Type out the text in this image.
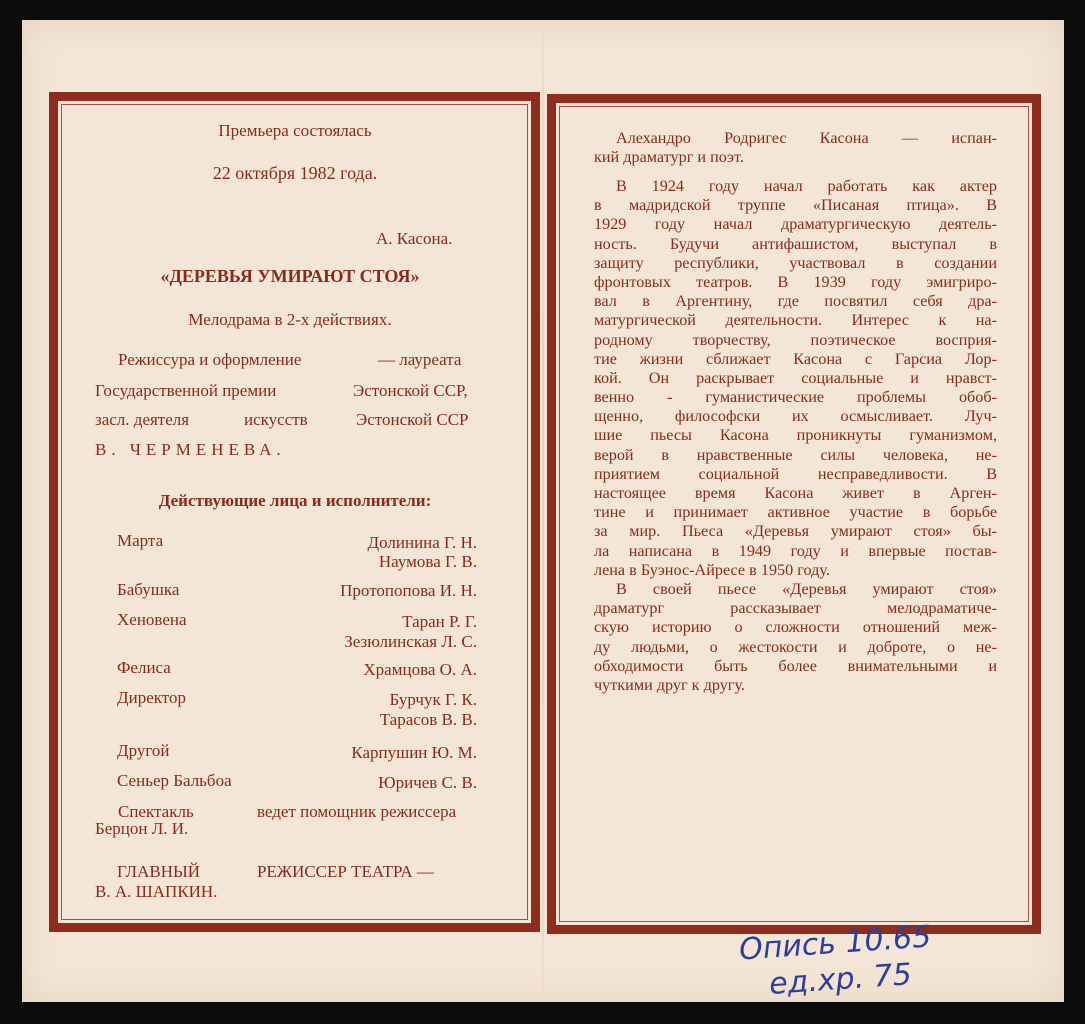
Премьера состоялась
22 октября 1982 года.
А. Касона.
«ДЕРЕВЬЯ УМИРАЮТ СТОЯ»
Мелодрама в 2-х действиях.
Режиссура и оформление	— лауреата
Государственной премии	Эстонской ССР,
засл. деятеля	искусств	Эстонской ССР
В. ЧЕРМЕНЕВА.
Действующие лица и исполнители:
Марта	Долинина Г. Н.
Наумова Г. В.
Бабушка	Протопопова И. Н.
Хеновена	Таран Р. Г.
Зезюлинская Л. С.
Фелиса	Храмцова О. А.
Директор	Бурчук Г. К.
Тарасов В. В.
Другой	Карпушин Ю. М.
Сеньер Бальбоа	Юричев С. В.
Спектакль	ведет помощник режиссера
Берцон Л. И.
ГЛАВНЫЙ	РЕЖИССЕР ТЕАТРА —
В. А. ШАПКИН.
Алехандро Родригес Касона — испан-
кий драматург и поэт.
В 1924 году начал работать как актер
в мадридской труппе «Писаная птица». В
1929 году начал драматургическую деятель-
ность. Будучи антифашистом, выступал в
защиту республики, участвовал в создании
фронтовых театров. В 1939 году эмигриро-
вал в Аргентину, где посвятил себя дра-
матургической деятельности. Интерес к на-
родному творчеству, поэтическое восприя-
тие жизни сближает Касона с Гарсиа Лор-
кой. Он раскрывает социальные и нравст-
венно - гуманистические проблемы обоб-
щенно, философски их осмысливает. Луч-
шие пьесы Касона проникнуты гуманизмом,
верой в нравственные силы человека, не-
приятием социальной несправедливости. В
настоящее время Касона живет в Арген-
тине и принимает активное участие в борьбе
за мир. Пьеса «Деревья умирают стоя» бы-
ла написана в 1949 году и впервые постав-
лена в Буэнос-Айресе в 1950 году.
В своей пьесе «Деревья умирают стоя»
драматург рассказывает мелодраматиче-
скую историю о сложности отношений меж-
ду людьми, о жестокости и доброте, о не-
обходимости быть более внимательными и
чуткими друг к другу.
Опись 10.65
ед.хр. 75
